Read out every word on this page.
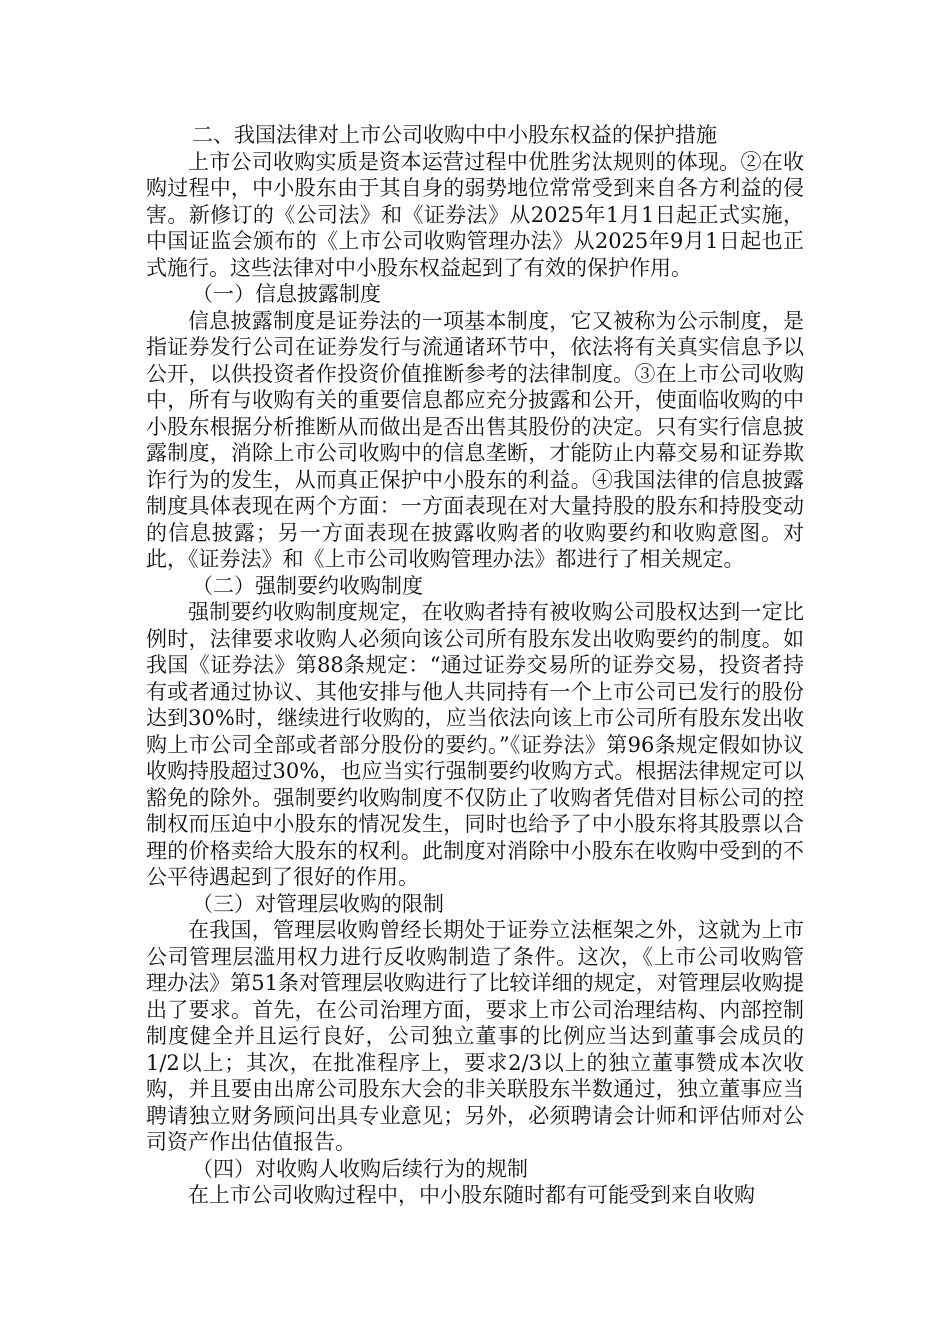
二、我国法律对上市公司收购中中小股东权益的保护措施

上市公司收购实质是资本运营过程中优胜劣汰规则的体现。②在收购过程中，中小股东由于其自身的弱势地位常常受到来自各方利益的侵害。新修订的《公司法》和《证券法》从2025年1月1日起正式实施，中国证监会颁布的《上市公司收购管理办法》从2025年9月1日起也正式施行。这些法律对中小股东权益起到了有效的保护作用。

（一）信息披露制度

信息披露制度是证券法的一项基本制度，它又被称为公示制度，是指证券发行公司在证券发行与流通诸环节中，依法将有关真实信息予以公开，以供投资者作投资价值推断参考的法律制度。③在上市公司收购中，所有与收购有关的重要信息都应充分披露和公开，使面临收购的中小股东根据分析推断从而做出是否出售其股份的决定。只有实行信息披露制度，消除上市公司收购中的信息垄断，才能防止内幕交易和证券欺诈行为的发生，从而真正保护中小股东的利益。④我国法律的信息披露制度具体表现在两个方面：一方面表现在对大量持股的股东和持股变动的信息披露；另一方面表现在披露收购者的收购要约和收购意图。对此，《证券法》和《上市公司收购管理办法》都进行了相关规定。

（二）强制要约收购制度

强制要约收购制度规定，在收购者持有被收购公司股权达到一定比例时，法律要求收购人必须向该公司所有股东发出收购要约的制度。如我国《证券法》第88条规定：“通过证券交易所的证券交易，投资者持有或者通过协议、其他安排与他人共同持有一个上市公司已发行的股份达到30%时，继续进行收购的，应当依法向该上市公司所有股东发出收购上市公司全部或者部分股份的要约。”《证券法》第96条规定假如协议收购持股超过30%，也应当实行强制要约收购方式。根据法律规定可以豁免的除外。强制要约收购制度不仅防止了收购者凭借对目标公司的控制权而压迫中小股东的情况发生，同时也给予了中小股东将其股票以合理的价格卖给大股东的权利。此制度对消除中小股东在收购中受到的不公平待遇起到了很好的作用。

（三）对管理层收购的限制

在我国，管理层收购曾经长期处于证券立法框架之外，这就为上市公司管理层滥用权力进行反收购制造了条件。这次，《上市公司收购管理办法》第51条对管理层收购进行了比较详细的规定，对管理层收购提出了要求。首先，在公司治理方面，要求上市公司治理结构、内部控制制度健全并且运行良好，公司独立董事的比例应当达到董事会成员的1/2以上；其次，在批准程序上，要求2/3以上的独立董事赞成本次收购，并且要由出席公司股东大会的非关联股东半数通过，独立董事应当聘请独立财务顾问出具专业意见；另外，必须聘请会计师和评估师对公司资产作出估值报告。

（四）对收购人收购后续行为的规制

在上市公司收购过程中，中小股东随时都有可能受到来自收购
